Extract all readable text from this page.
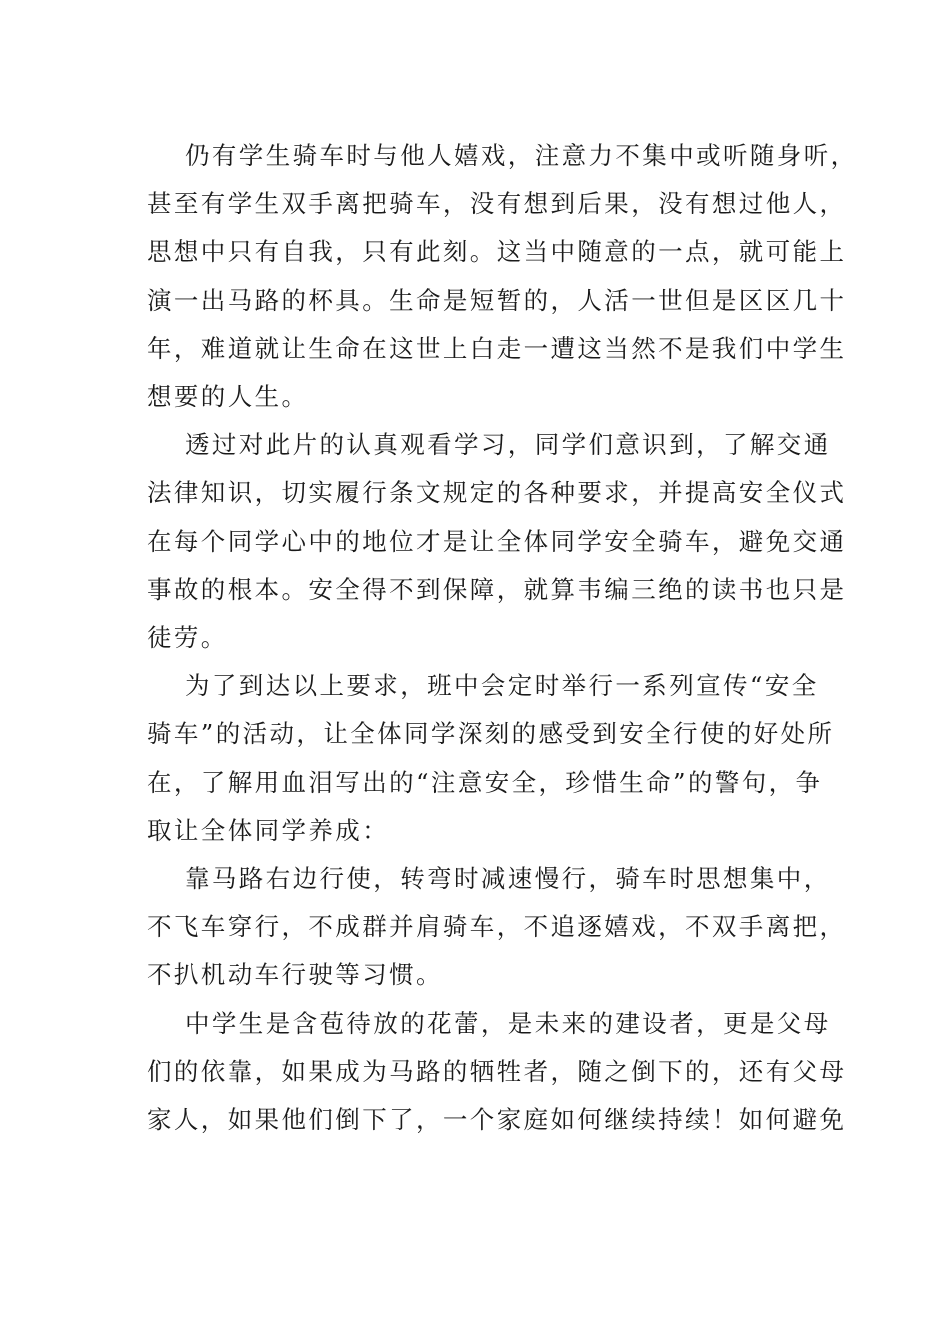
仍有学生骑车时与他人嬉戏，注意力不集中或听随身听，
甚至有学生双手离把骑车，没有想到后果，没有想过他人，
思想中只有自我，只有此刻。这当中随意的一点，就可能上
演一出马路的杯具。生命是短暂的，人活一世但是区区几十
年，难道就让生命在这世上白走一遭这当然不是我们中学生
想要的人生。

透过对此片的认真观看学习，同学们意识到，了解交通
法律知识，切实履行条文规定的各种要求，并提高安全仪式
在每个同学心中的地位才是让全体同学安全骑车，避免交通
事故的根本。安全得不到保障，就算韦编三绝的读书也只是
徒劳。

为了到达以上要求，班中会定时举行一系列宣传“安全
骑车”的活动，让全体同学深刻的感受到安全行使的好处所
在，了解用血泪写出的“注意安全，珍惜生命”的警句，争
取让全体同学养成：

靠马路右边行使，转弯时减速慢行，骑车时思想集中，
不飞车穿行，不成群并肩骑车，不追逐嬉戏，不双手离把，
不扒机动车行驶等习惯。

中学生是含苞待放的花蕾，是未来的建设者，更是父母
们的依靠，如果成为马路的牺牲者，随之倒下的，还有父母
家人，如果他们倒下了，一个家庭如何继续持续！如何避免
